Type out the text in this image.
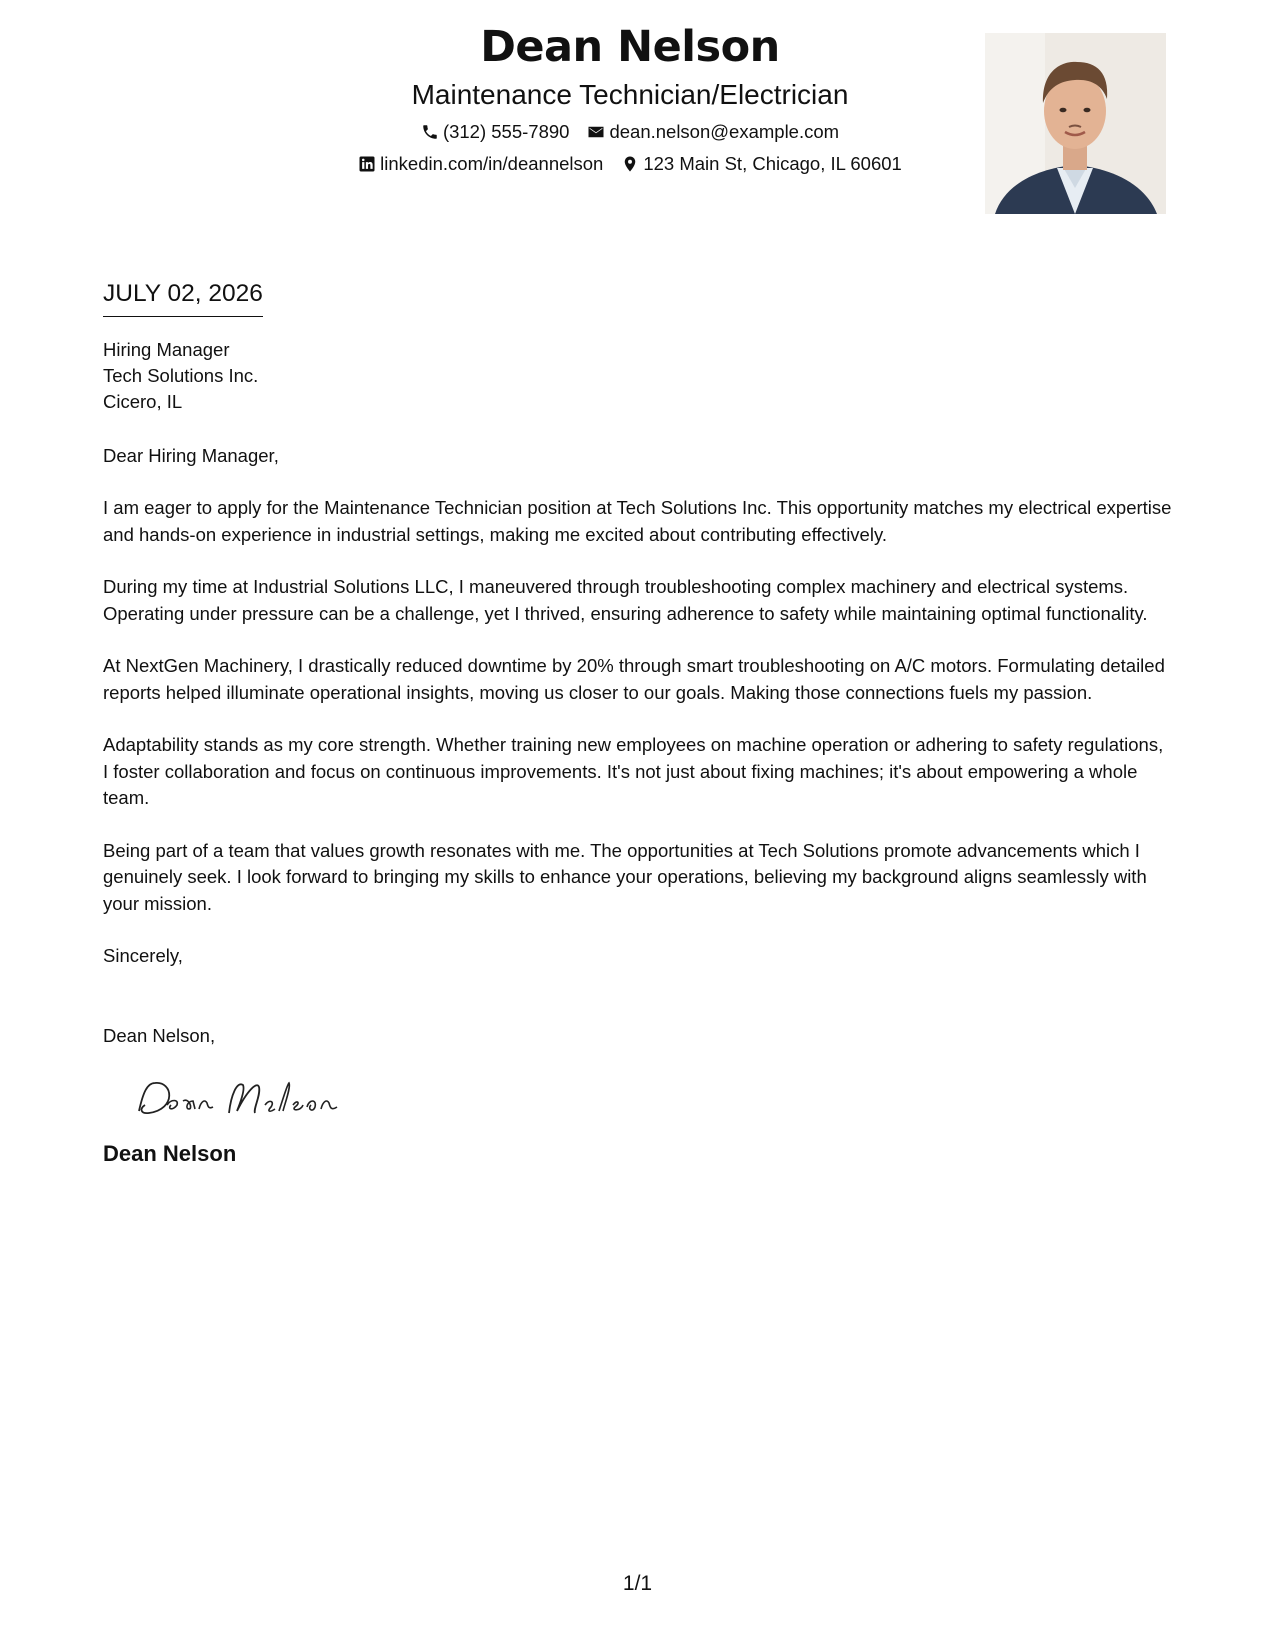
Dean Nelson
Maintenance Technician/Electrician
(312) 555-7890 dean.nelson@example.com
linkedin.com/in/deannelson 123 Main St, Chicago, IL 60601
JULY 02, 2026
Hiring Manager
Tech Solutions Inc.
Cicero, IL
Dear Hiring Manager,
I am eager to apply for the Maintenance Technician position at Tech Solutions Inc. This opportunity matches my electrical expertise and hands-on experience in industrial settings, making me excited about contributing effectively.
During my time at Industrial Solutions LLC, I maneuvered through troubleshooting complex machinery and electrical systems. Operating under pressure can be a challenge, yet I thrived, ensuring adherence to safety while maintaining optimal functionality.
At NextGen Machinery, I drastically reduced downtime by 20% through smart troubleshooting on A/C motors. Formulating detailed reports helped illuminate operational insights, moving us closer to our goals. Making those connections fuels my passion.
Adaptability stands as my core strength. Whether training new employees on machine operation or adhering to safety regulations, I foster collaboration and focus on continuous improvements. It's not just about fixing machines; it's about empowering a whole team.
Being part of a team that values growth resonates with me. The opportunities at Tech Solutions promote advancements which I genuinely seek. I look forward to bringing my skills to enhance your operations, believing my background aligns seamlessly with your mission.
Sincerely,
Dean Nelson,
Dean Nelson
1/1
